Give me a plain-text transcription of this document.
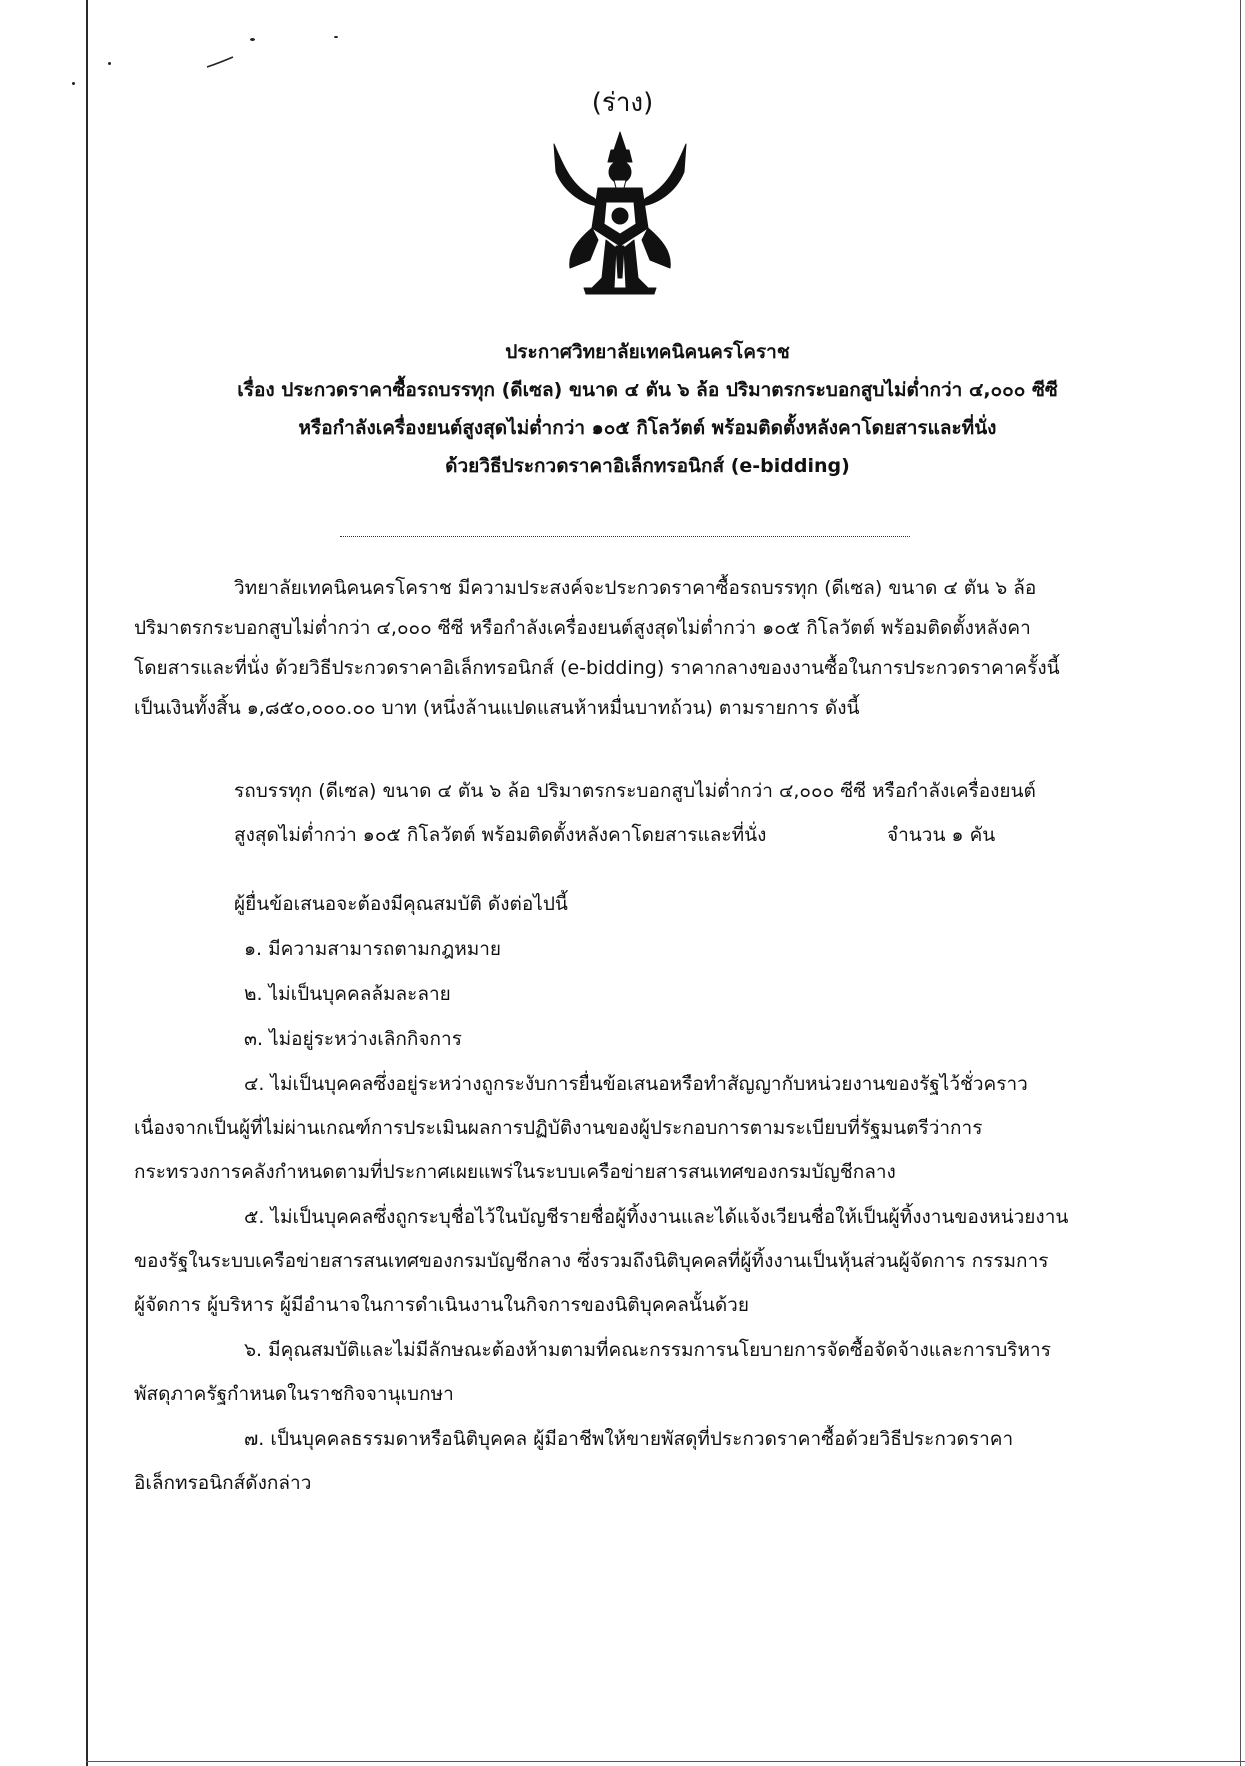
(ร่าง)
ประกาศวิทยาลัยเทคนิคนครโคราช
เรื่อง ประกวดราคาซื้อรถบรรทุก (ดีเซล) ขนาด ๔ ตัน ๖ ล้อ ปริมาตรกระบอกสูบไม่ต่ำกว่า ๔,๐๐๐ ซีซี
หรือกำลังเครื่องยนต์สูงสุดไม่ต่ำกว่า ๑๐๕ กิโลวัตต์ พร้อมติดตั้งหลังคาโดยสารและที่นั่ง
ด้วยวิธีประกวดราคาอิเล็กทรอนิกส์ (e-bidding)
วิทยาลัยเทคนิคนครโคราช มีความประสงค์จะประกวดราคาซื้อรถบรรทุก (ดีเซล) ขนาด ๔ ตัน ๖ ล้อ
ปริมาตรกระบอกสูบไม่ต่ำกว่า ๔,๐๐๐ ซีซี หรือกำลังเครื่องยนต์สูงสุดไม่ต่ำกว่า ๑๐๕ กิโลวัตต์ พร้อมติดตั้งหลังคา
โดยสารและที่นั่ง ด้วยวิธีประกวดราคาอิเล็กทรอนิกส์ (e-bidding) ราคากลางของงานซื้อในการประกวดราคาครั้งนี้
เป็นเงินทั้งสิ้น ๑,๘๕๐,๐๐๐.๐๐ บาท (หนึ่งล้านแปดแสนห้าหมื่นบาทถ้วน) ตามรายการ ดังนี้
รถบรรทุก (ดีเซล) ขนาด ๔ ตัน ๖ ล้อ ปริมาตรกระบอกสูบไม่ต่ำกว่า ๔,๐๐๐ ซีซี หรือกำลังเครื่องยนต์
สูงสุดไม่ต่ำกว่า ๑๐๕ กิโลวัตต์ พร้อมติดตั้งหลังคาโดยสารและที่นั่ง	จำนวน ๑ คัน
ผู้ยื่นข้อเสนอจะต้องมีคุณสมบัติ ดังต่อไปนี้
๑. มีความสามารถตามกฎหมาย
๒. ไม่เป็นบุคคลล้มละลาย
๓. ไม่อยู่ระหว่างเลิกกิจการ
๔. ไม่เป็นบุคคลซึ่งอยู่ระหว่างถูกระงับการยื่นข้อเสนอหรือทำสัญญากับหน่วยงานของรัฐไว้ชั่วคราว
เนื่องจากเป็นผู้ที่ไม่ผ่านเกณฑ์การประเมินผลการปฏิบัติงานของผู้ประกอบการตามระเบียบที่รัฐมนตรีว่าการ
กระทรวงการคลังกำหนดตามที่ประกาศเผยแพร่ในระบบเครือข่ายสารสนเทศของกรมบัญชีกลาง
๕. ไม่เป็นบุคคลซึ่งถูกระบุชื่อไว้ในบัญชีรายชื่อผู้ทิ้งงานและได้แจ้งเวียนชื่อให้เป็นผู้ทิ้งงานของหน่วยงาน
ของรัฐในระบบเครือข่ายสารสนเทศของกรมบัญชีกลาง ซึ่งรวมถึงนิติบุคคลที่ผู้ทิ้งงานเป็นหุ้นส่วนผู้จัดการ กรรมการ
ผู้จัดการ ผู้บริหาร ผู้มีอำนาจในการดำเนินงานในกิจการของนิติบุคคลนั้นด้วย
๖. มีคุณสมบัติและไม่มีลักษณะต้องห้ามตามที่คณะกรรมการนโยบายการจัดซื้อจัดจ้างและการบริหาร
พัสดุภาครัฐกำหนดในราชกิจจานุเบกษา
๗. เป็นบุคคลธรรมดาหรือนิติบุคคล ผู้มีอาชีพให้ขายพัสดุที่ประกวดราคาซื้อด้วยวิธีประกวดราคา
อิเล็กทรอนิกส์ดังกล่าว
